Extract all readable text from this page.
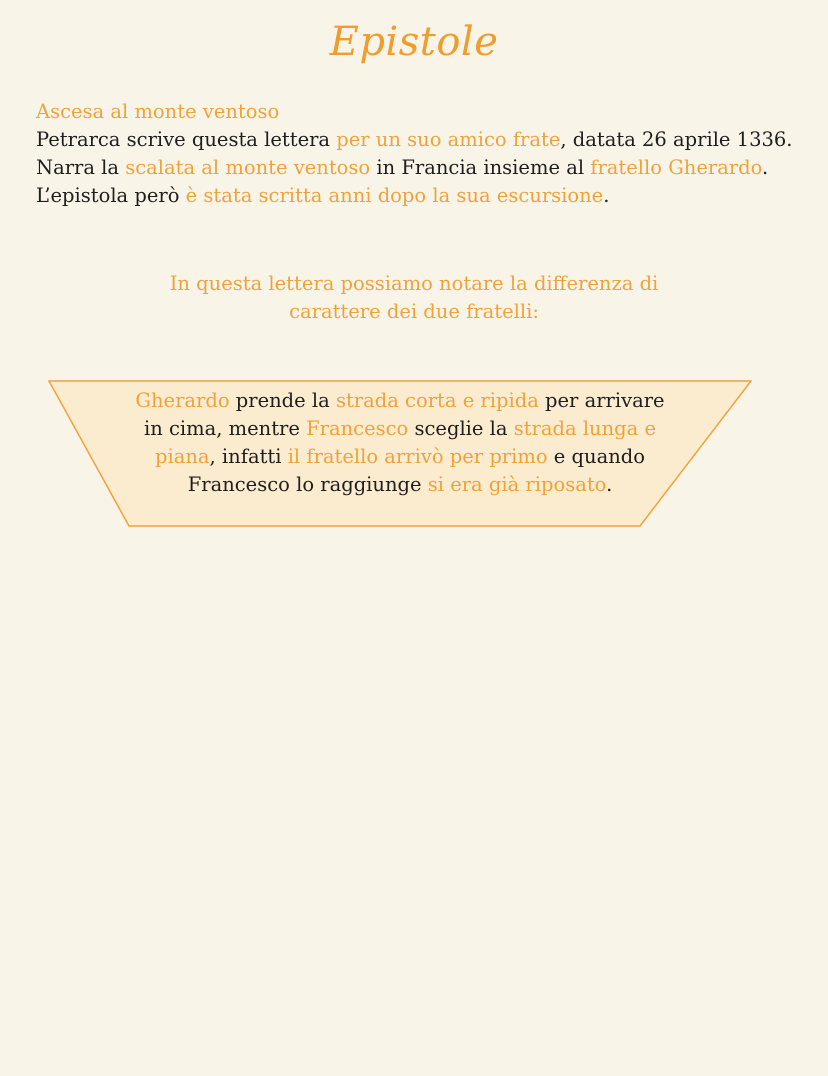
Epistole
Ascesa al monte ventoso
Petrarca scrive questa lettera per un suo amico frate, datata 26 aprile 1336. Narra la scalata al monte ventoso in Francia insieme al fratello Gherardo. L’epistola però è stata scritta anni dopo la sua escursione.
In questa lettera possiamo notare la differenza di
carattere dei due fratelli:
Gherardo prende la strada corta e ripida per arrivare
in cima, mentre Francesco sceglie la strada lunga e
piana, infatti il fratello arrivò per primo e quando
Francesco lo raggiunge si era già riposato.
